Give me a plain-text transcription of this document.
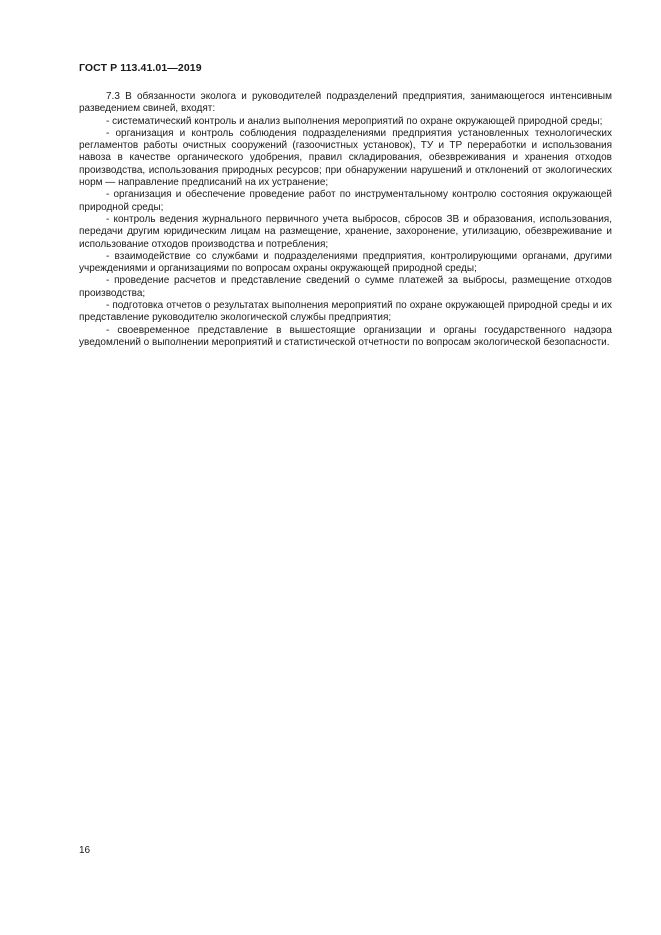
ГОСТ Р 113.41.01—2019

7.3 В обязанности эколога и руководителей подразделений предприятия, занимающегося интенсивным разведением свиней, входят:

- систематический контроль и анализ выполнения мероприятий по охране окружающей природной среды;

- организация и контроль соблюдения подразделениями предприятия установленных технологических регламентов работы очистных сооружений (газоочистных установок), ТУ и ТР переработки и использования навоза в качестве органического удобрения, правил складирования, обезвреживания и хранения отходов производства, использования природных ресурсов; при обнаружении нарушений и отклонений от экологических норм — направление предписаний на их устранение;

- организация и обеспечение проведение работ по инструментальному контролю состояния окружающей природной среды;

- контроль ведения журнального первичного учета выбросов, сбросов ЗВ и образования, использования, передачи другим юридическим лицам на размещение, хранение, захоронение, утилизацию, обезвреживание и использование отходов производства и потребления;

- взаимодействие со службами и подразделениями предприятия, контролирующими органами, другими учреждениями и организациями по вопросам охраны окружающей природной среды;

- проведение расчетов и представление сведений о сумме платежей за выбросы, размещение отходов производства;

- подготовка отчетов о результатах выполнения мероприятий по охране окружающей природной среды и их представление руководителю экологической службы предприятия;

- своевременное представление в вышестоящие организации и органы государственного надзора уведомлений о выполнении мероприятий и статистической отчетности по вопросам экологической безопасности.

16
